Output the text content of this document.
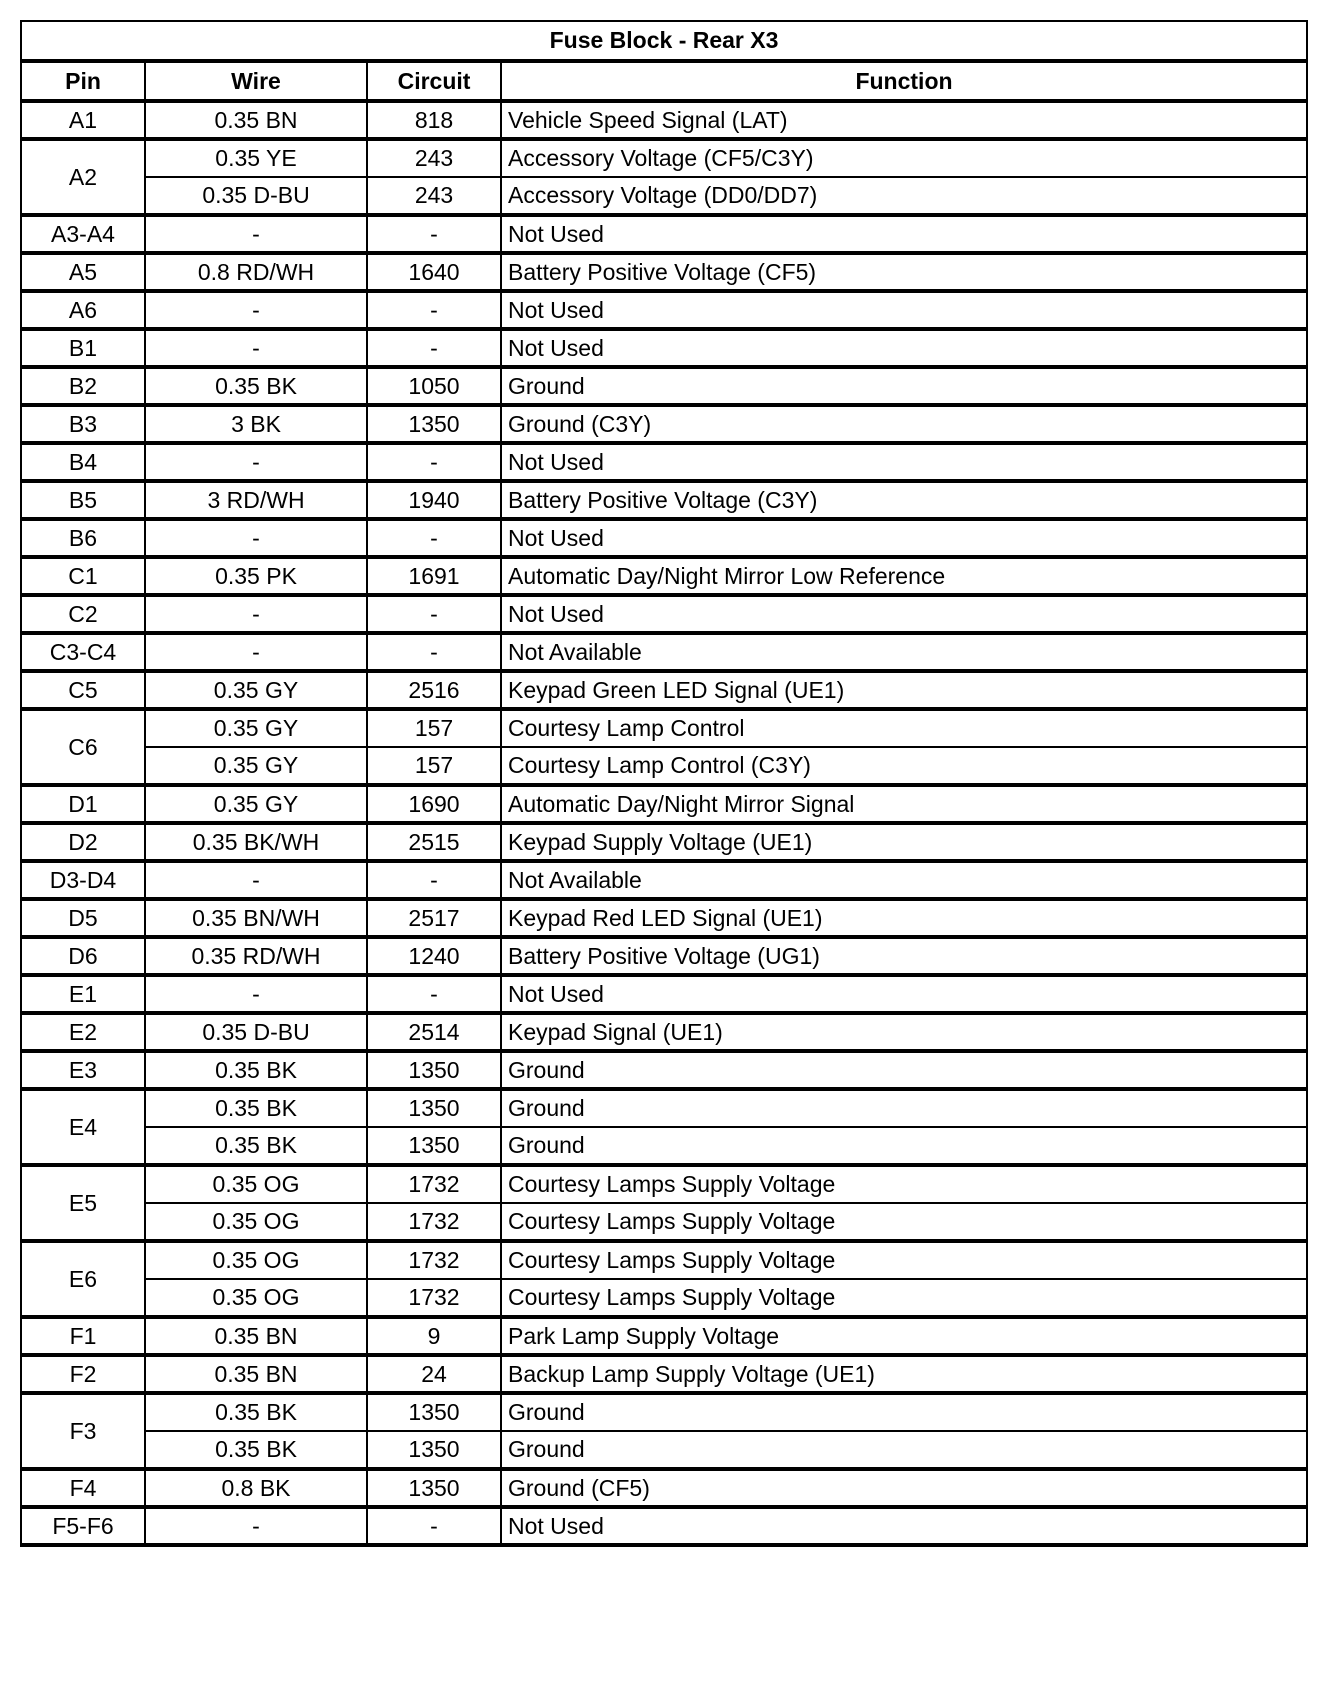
Fuse Block - Rear X3			
Pin	Wire	Circuit	Function
A1	0.35 BN	818	Vehicle Speed Signal (LAT)
A2	0.35 YE	243	Accessory Voltage (CF5/C3Y)
	0.35 D-BU	243	Accessory Voltage (DD0/DD7)
A3-A4	-	-	Not Used
A5	0.8 RD/WH	1640	Battery Positive Voltage (CF5)
A6	-	-	Not Used
B1	-	-	Not Used
B2	0.35 BK	1050	Ground
B3	3 BK	1350	Ground (C3Y)
B4	-	-	Not Used
B5	3 RD/WH	1940	Battery Positive Voltage (C3Y)
B6	-	-	Not Used
C1	0.35 PK	1691	Automatic Day/Night Mirror Low Reference
C2	-	-	Not Used
C3-C4	-	-	Not Available
C5	0.35 GY	2516	Keypad Green LED Signal (UE1)
C6	0.35 GY	157	Courtesy Lamp Control
	0.35 GY	157	Courtesy Lamp Control (C3Y)
D1	0.35 GY	1690	Automatic Day/Night Mirror Signal
D2	0.35 BK/WH	2515	Keypad Supply Voltage (UE1)
D3-D4	-	-	Not Available
D5	0.35 BN/WH	2517	Keypad Red LED Signal (UE1)
D6	0.35 RD/WH	1240	Battery Positive Voltage (UG1)
E1	-	-	Not Used
E2	0.35 D-BU	2514	Keypad Signal (UE1)
E3	0.35 BK	1350	Ground
E4	0.35 BK	1350	Ground
	0.35 BK	1350	Ground
E5	0.35 OG	1732	Courtesy Lamps Supply Voltage
	0.35 OG	1732	Courtesy Lamps Supply Voltage
E6	0.35 OG	1732	Courtesy Lamps Supply Voltage
	0.35 OG	1732	Courtesy Lamps Supply Voltage
F1	0.35 BN	9	Park Lamp Supply Voltage
F2	0.35 BN	24	Backup Lamp Supply Voltage (UE1)
F3	0.35 BK	1350	Ground
	0.35 BK	1350	Ground
F4	0.8 BK	1350	Ground (CF5)
F5-F6	-	-	Not Used
